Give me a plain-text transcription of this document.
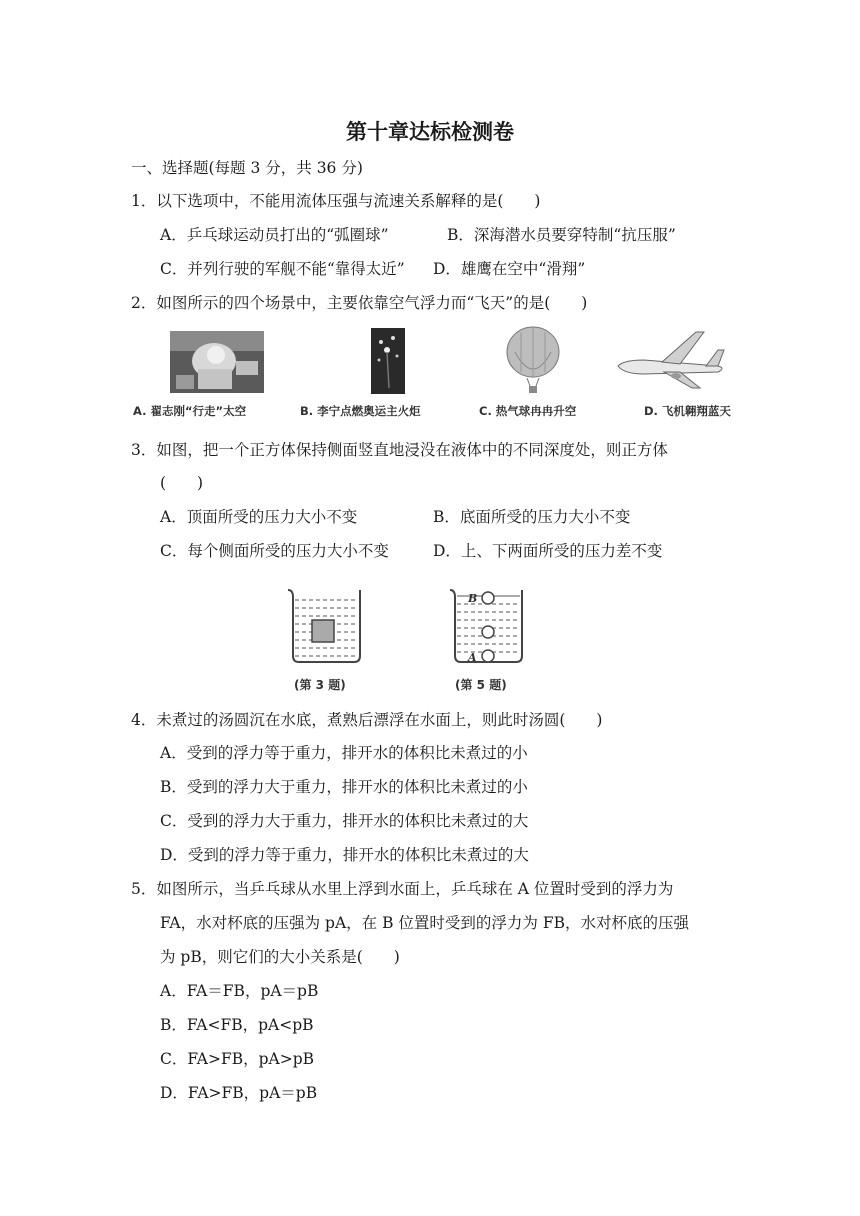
第十章达标检测卷
一、选择题(每题 3 分，共 36 分)
1．以下选项中，不能用流体压强与流速关系解释的是(　　)
A．乒乓球运动员打出的“弧圈球”	B．深海潜水员要穿特制“抗压服”
C．并列行驶的军舰不能“靠得太近” D．雄鹰在空中“滑翔”
2．如图所示的四个场景中，主要依靠空气浮力而“飞天”的是(　　)
A. 翟志刚“行走”太空	B. 李宁点燃奥运主火炬	C. 热气球冉冉升空	D. 飞机翱翔蓝天
3．如图，把一个正方体保持侧面竖直地浸没在液体中的不同深度处，则正方体
(　　)
A．顶面所受的压力大小不变	B．底面所受的压力大小不变
C．每个侧面所受的压力大小不变	D．上、下两面所受的压力差不变
B
A
(第 3 题)	(第 5 题)
4．未煮过的汤圆沉在水底，煮熟后漂浮在水面上，则此时汤圆(　　)
A．受到的浮力等于重力，排开水的体积比未煮过的小
B．受到的浮力大于重力，排开水的体积比未煮过的小
C．受到的浮力大于重力，排开水的体积比未煮过的大
D．受到的浮力等于重力，排开水的体积比未煮过的大
5．如图所示，当乒乓球从水里上浮到水面上，乒乓球在 A 位置时受到的浮力为
FA，水对杯底的压强为 pA，在 B 位置时受到的浮力为 FB，水对杯底的压强
为 pB，则它们的大小关系是(　　)
A．FA＝FB，pA＝pB
B．FA<FB，pA<pB
C．FA>FB，pA>pB
D．FA>FB，pA＝pB
